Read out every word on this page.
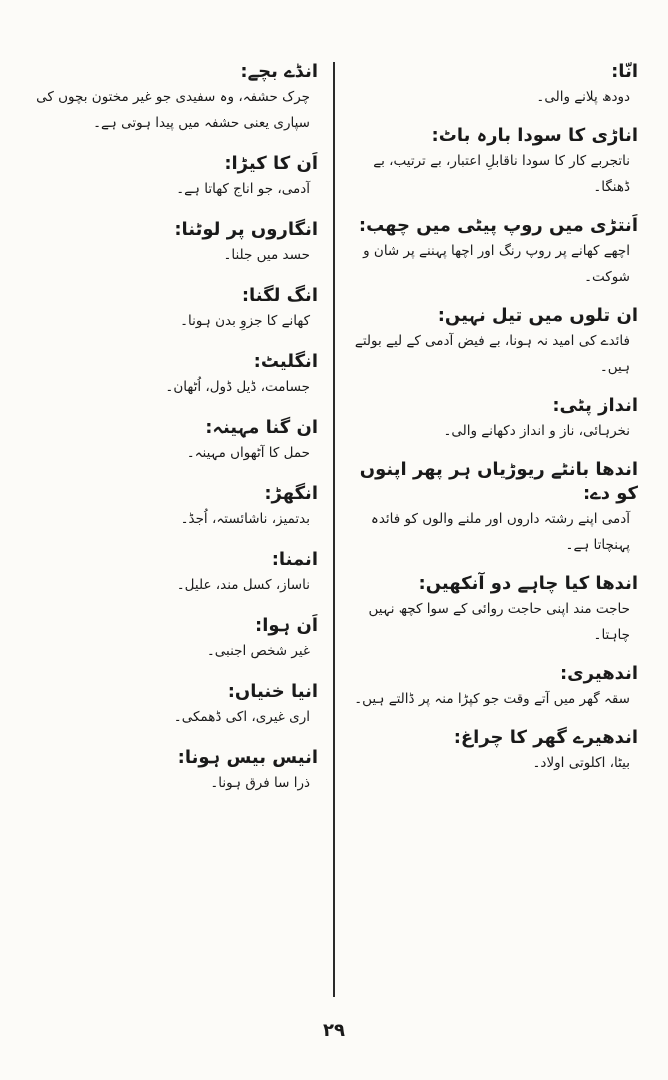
انّا:

دودھ پلانے والی۔

اناڑی کا سودا بارہ باٹ:

ناتجربے کار کا سودا ناقابلِ اعتبار، بے ترتیب، بے ڈھنگا۔

اَنتڑی میں روپ پیٹی میں چھب:

اچھے کھانے پر روپ رنگ اور اچھا پہننے پر شان و شوکت۔

ان تلوں میں تیل نہیں:

فائدے کی امید نہ ہونا، بے فیض آدمی کے لیے بولتے ہیں۔

انداز پٹی:

نخرہائی، ناز و انداز دکھانے والی۔

اندھا بانٹے ریوڑیاں ہر پھر اپنوں کو دے:

آدمی اپنے رشتہ داروں اور ملنے والوں کو فائدہ پہنچاتا ہے۔

اندھا کیا چاہے دو آنکھیں:

حاجت مند اپنی حاجت روائی کے سوا کچھ نہیں چاہتا۔

اندھیری:

سقہ گھر میں آتے وقت جو کپڑا منہ پر ڈالتے ہیں۔

اندھیرے گھر کا چراغ:

بیٹا، اکلوتی اولاد۔

انڈے بچے:

چرک حشفہ، وہ سفیدی جو غیر مختون بچوں کی سپاری یعنی حشفہ میں پیدا ہوتی ہے۔

اَن کا کیڑا:

آدمی، جو اناج کھاتا ہے۔

انگاروں پر لوٹنا:

حسد میں جلنا۔

انگ لگنا:

کھانے کا جزوِ بدن ہونا۔

انگلیٹ:

جسامت، ڈیل ڈول، اُٹھان۔

ان گنا مہینہ:

حمل کا آٹھواں مہینہ۔

انگھڑ:

بدتمیز، ناشائستہ، اُجڈ۔

انمنا:

ناساز، کسل مند، علیل۔

اَن ہوا:

غیر شخص اجنبی۔

انیا خنیاں:

اری غیری، اکی ڈھمکی۔

انیس بیس ہونا:

ذرا سا فرق ہونا۔

۲۹
